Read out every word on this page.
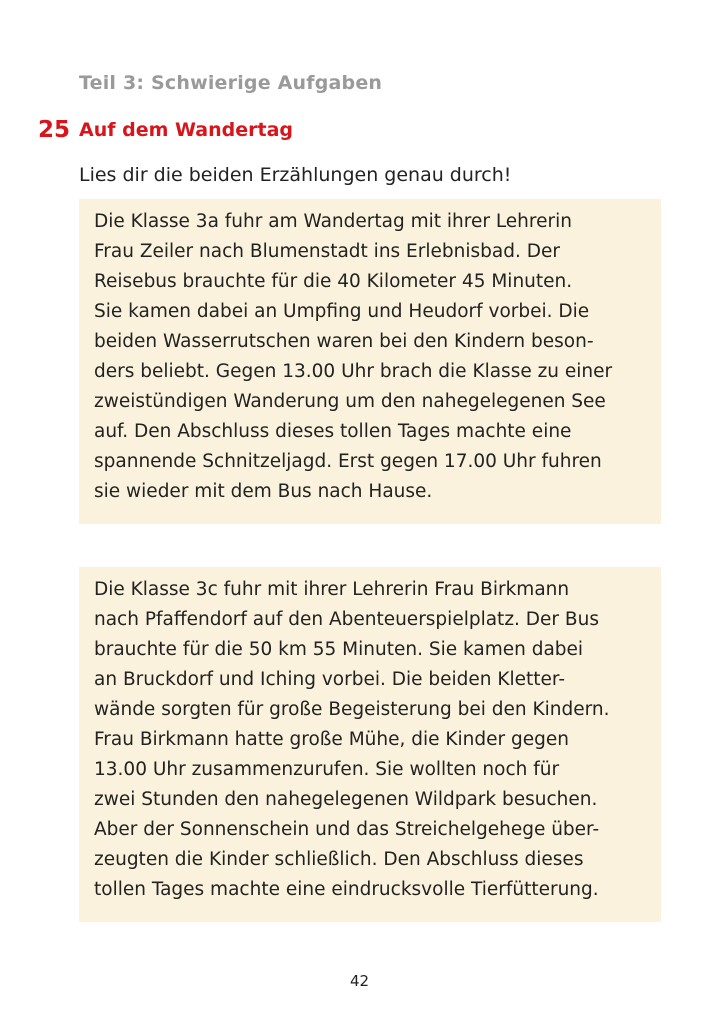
Teil 3: Schwierige Aufgaben
25 Auf dem Wandertag
Lies dir die beiden Erzählungen genau durch!
Die Klasse 3a fuhr am Wandertag mit ihrer Lehrerin
Frau Zeiler nach Blumenstadt ins Erlebnisbad. Der
Reisebus brauchte für die 40 Kilometer 45 Minuten.
Sie kamen dabei an Umpfing und Heudorf vorbei. Die
beiden Wasserrutschen waren bei den Kindern beson-
ders beliebt. Gegen 13.00 Uhr brach die Klasse zu einer
zweistündigen Wanderung um den nahegelegenen See
auf. Den Abschluss dieses tollen Tages machte eine
spannende Schnitzeljagd. Erst gegen 17.00 Uhr fuhren
sie wieder mit dem Bus nach Hause.
Die Klasse 3c fuhr mit ihrer Lehrerin Frau Birkmann
nach Pfaffendorf auf den Abenteuerspielplatz. Der Bus
brauchte für die 50 km 55 Minuten. Sie kamen dabei
an Bruckdorf und Iching vorbei. Die beiden Kletter-
wände sorgten für große Begeisterung bei den Kindern.
Frau Birkmann hatte große Mühe, die Kinder gegen
13.00 Uhr zusammenzurufen. Sie wollten noch für
zwei Stunden den nahegelegenen Wildpark besuchen.
Aber der Sonnenschein und das Streichelgehege über-
zeugten die Kinder schließlich. Den Abschluss dieses
tollen Tages machte eine eindrucksvolle Tierfütterung.
42
